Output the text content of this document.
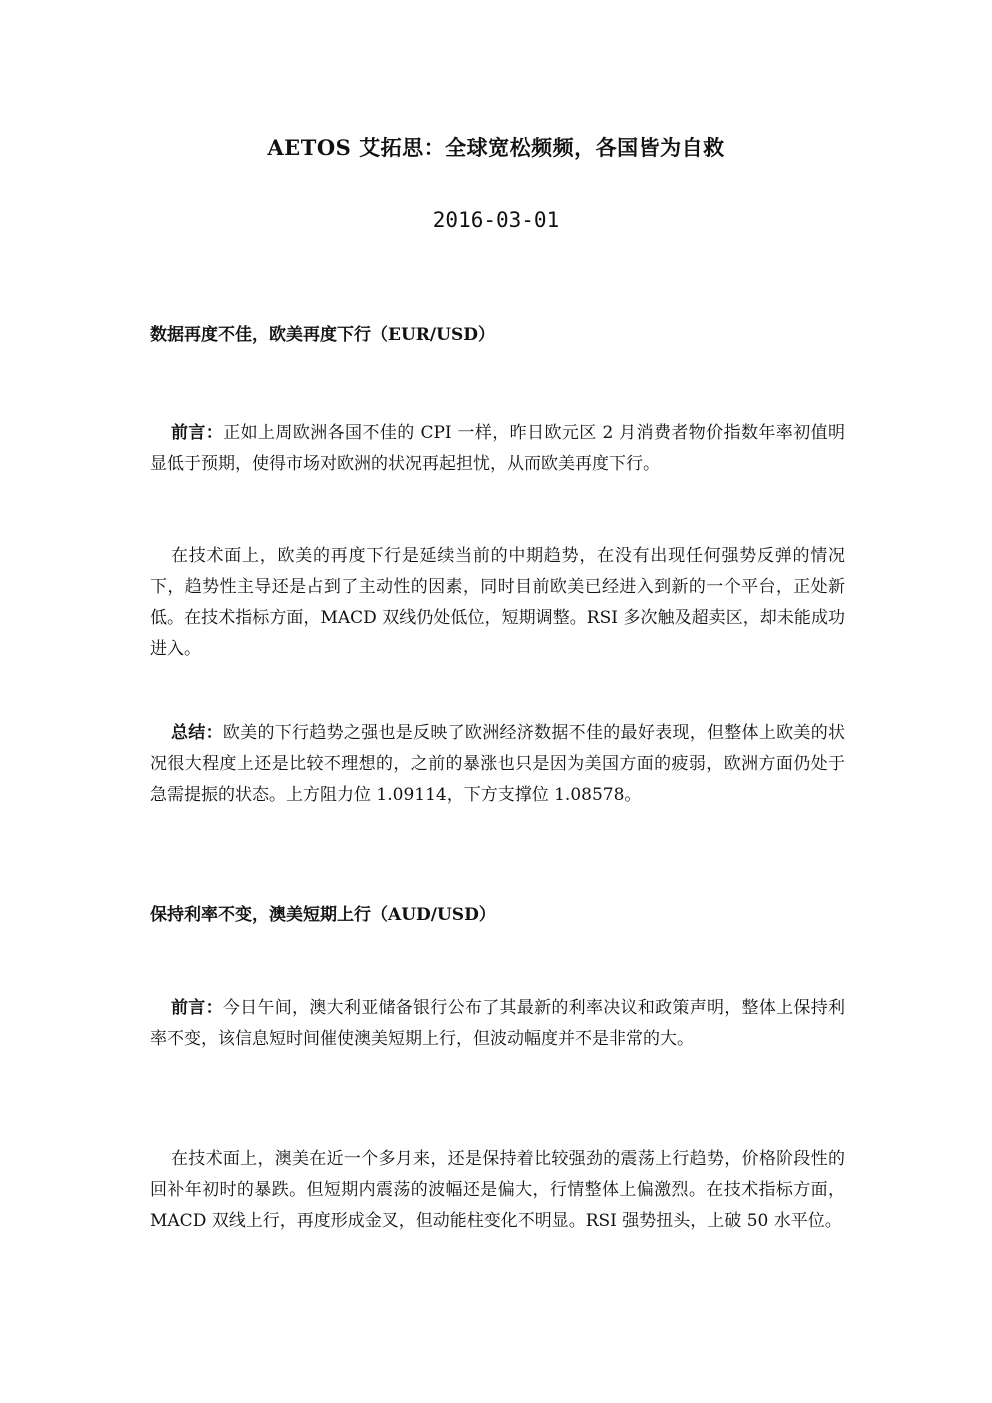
AETOS 艾拓思：全球宽松频频，各国皆为自救
2016-03-01
数据再度不佳，欧美再度下行（EUR/USD）
前言：正如上周欧洲各国不佳的 CPI 一样，昨日欧元区 2 月消费者物价指数年率初值明显低于预期，使得市场对欧洲的状况再起担忧，从而欧美再度下行。
在技术面上，欧美的再度下行是延续当前的中期趋势，在没有出现任何强势反弹的情况下，趋势性主导还是占到了主动性的因素，同时目前欧美已经进入到新的一个平台，正处新低。在技术指标方面，MACD 双线仍处低位，短期调整。RSI 多次触及超卖区，却未能成功进入。
总结：欧美的下行趋势之强也是反映了欧洲经济数据不佳的最好表现，但整体上欧美的状况很大程度上还是比较不理想的，之前的暴涨也只是因为美国方面的疲弱，欧洲方面仍处于急需提振的状态。上方阻力位 1.09114，下方支撑位 1.08578。
保持利率不变，澳美短期上行（AUD/USD）
前言：今日午间，澳大利亚储备银行公布了其最新的利率决议和政策声明，整体上保持利率不变，该信息短时间催使澳美短期上行，但波动幅度并不是非常的大。
在技术面上，澳美在近一个多月来，还是保持着比较强劲的震荡上行趋势，价格阶段性的回补年初时的暴跌。但短期内震荡的波幅还是偏大，行情整体上偏激烈。在技术指标方面，MACD 双线上行，再度形成金叉，但动能柱变化不明显。RSI 强势扭头，上破 50 水平位。
